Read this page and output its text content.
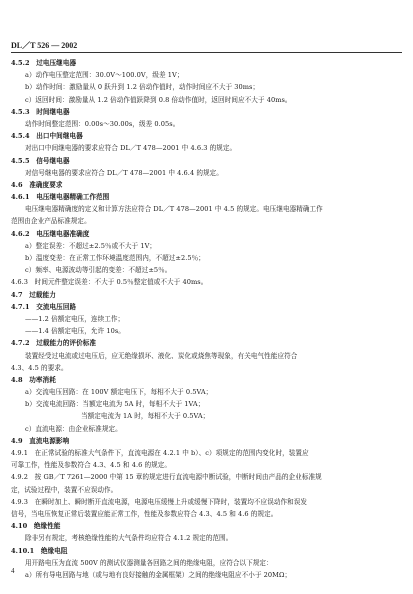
DL／T 526 — 2002
4.5.2　过电压继电器
a）动作电压整定范围：30.0V～100.0V，级差 1V；
b）动作时间：激励量从 0 跃升到 1.2 倍动作值时，动作时间应不大于 30ms；
c）返回时间：激励量从 1.2 倍动作值跃降到 0.8 倍动作值时，返回时间应不大于 40ms。
4.5.3　时间继电器
动作时间整定范围：0.00s～30.00s，级差 0.05s。
4.5.4　出口中间继电器
对出口中间继电器的要求应符合 DL／T 478—2001 中 4.6.3 的规定。
4.5.5　信号继电器
对信号继电器的要求应符合 DL／T 478—2001 中 4.6.4 的规定。
4.6　准确度要求
4.6.1　电压继电器精确工作范围
电压继电器精确度的定义和计算方法应符合 DL／T 478—2001 中 4.5 的规定。电压继电器精确工作
范围由企业产品标准规定。
4.6.2　电压继电器准确度
a）整定误差：不超过±2.5％或不大于 1V；
b）温度变差：在正常工作环境温度范围内，不超过±2.5％；
c）频率、电源波动等引起的变差：不超过±5％。
4.6.3　时间元件整定误差：不大于 0.5％整定值或不大于 40ms。
4.7　过载能力
4.7.1　交流电压回路
——1.2 倍额定电压，连续工作；
——1.4 倍额定电压，允许 10s。
4.7.2　过载能力的评价标准
装置经受过电流或过电压后，应无绝缘损坏、液化、炭化或烧焦等现象，有关电气性能应符合
4.3、4.5 的要求。
4.8　功率消耗
a）交流电压回路：在 100V 额定电压下，每相不大于 0.5VA；
b）交流电流回路：当额定电流为 5A 时，每相不大于 1VA；
当额定电流为 1A 时，每相不大于 0.5VA；
c）直流电源：由企业标准规定。
4.9　直流电源影响
4.9.1　在正常试验的标准大气条件下，直流电源在 4.2.1 中 b）、c）项规定的范围内变化时，装置应
可靠工作，性能及参数符合 4.3、4.5 和 4.6 的规定。
4.9.2　按 GB／T 7261—2000 中第 15 章的规定进行直流电源中断试验，中断时间由产品的企业标准规
定，试验过程中，装置不应误动作。
4.9.3　在瞬时加上、瞬时断开直流电源，电源电压缓慢上升或缓慢下降时，装置均不应误动作和误发
信号，当电压恢复正常后装置应能正常工作，性能及参数应符合 4.3、4.5 和 4.6 的规定。
4.10　绝缘性能
除非另有规定，考核绝缘性能的大气条件均应符合 4.1.2 规定的范围。
4.10.1　绝缘电阻
用开路电压为直流 500V 的测试仪器测量各回路之间的绝缘电阻，应符合以下规定：
a）所有导电回路与地（或与地有良好接触的金属框架）之间的绝缘电阻应不小于 20MΩ；
4
